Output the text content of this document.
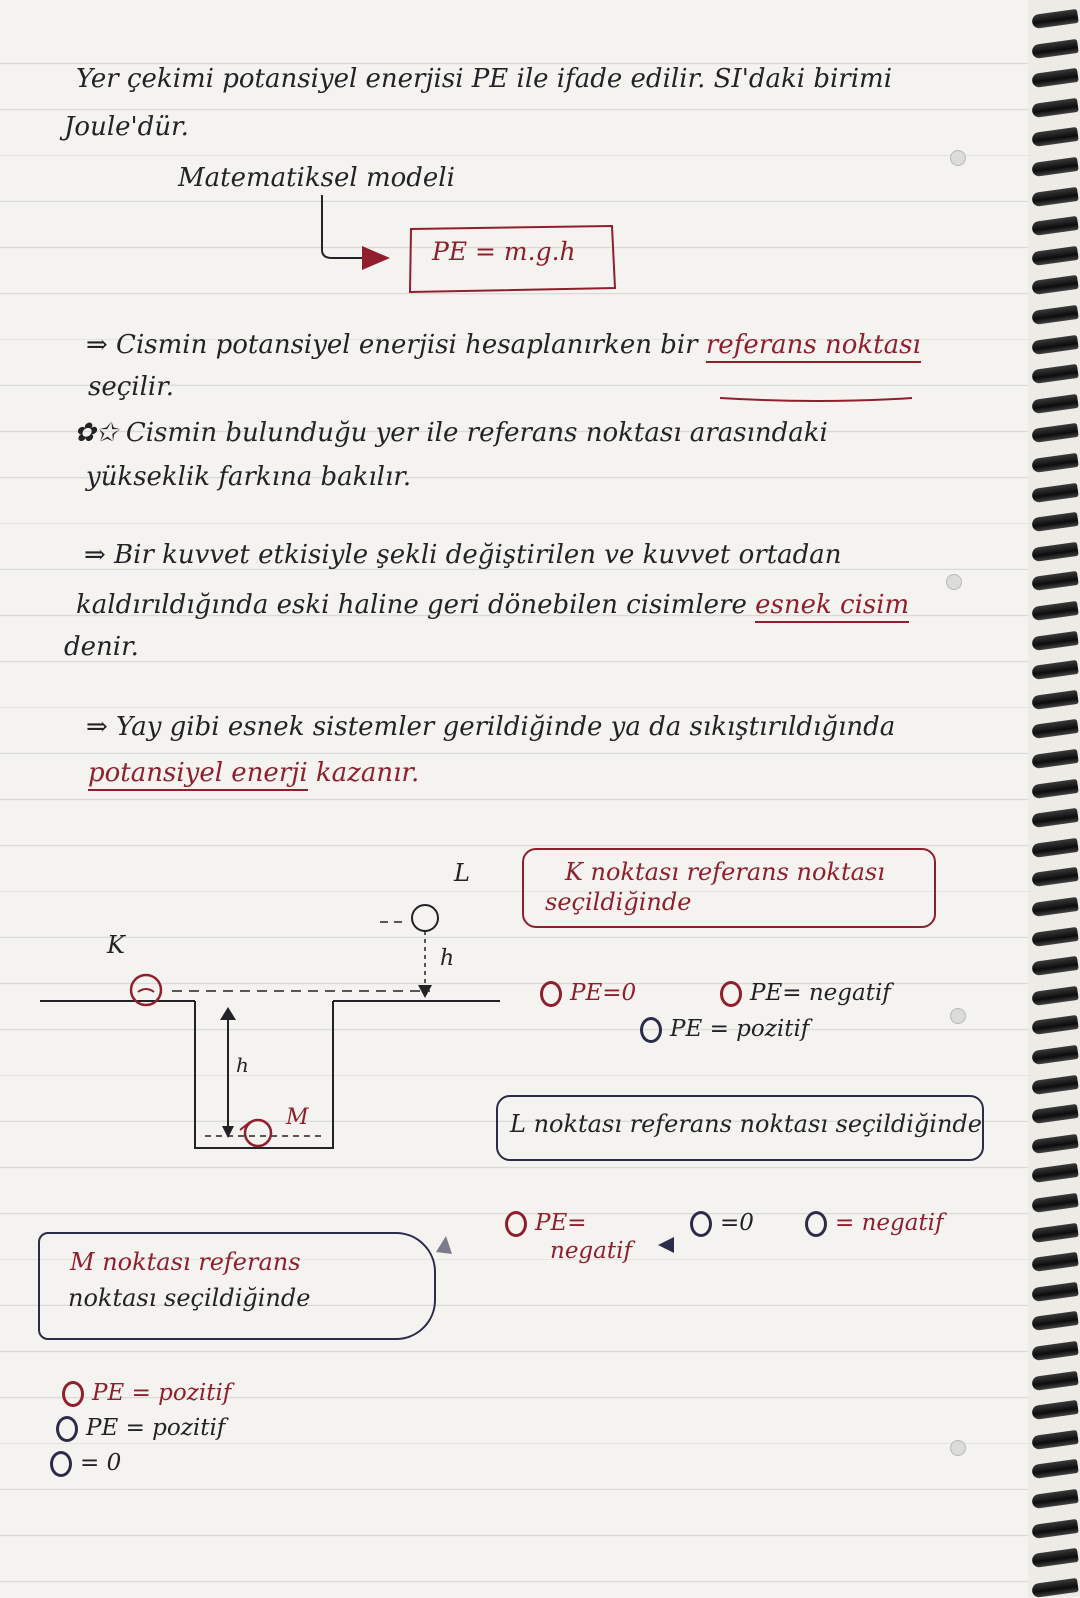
Yer çekimi potansiyel enerjisi PE ile ifade edilir. SI'daki birimi
Joule'dür.
Matematiksel modeli
PE = m.g.h
⇒ Cismin potansiyel enerjisi hesaplanırken bir referans noktası
seçilir.
✿✩ Cismin bulunduğu yer ile referans noktası arasındaki
yükseklik farkına bakılır.
⇒ Bir kuvvet etkisiyle şekli değiştirilen ve kuvvet ortadan
kaldırıldığında eski haline geri dönebilen cisimlere esnek cisim
denir.
⇒ Yay gibi esnek sistemler gerildiğinde ya da sıkıştırıldığında
potansiyel enerji kazanır.
K
L
M
h
h
K noktası referans noktası
seçildiğinde
PE=0	PE= negatif
PE = pozitif
L noktası referans noktası seçildiğinde
PE=
negatif
=0	= negatif
M noktası referans
noktası seçildiğinde
PE = pozitif
PE = pozitif
= 0
